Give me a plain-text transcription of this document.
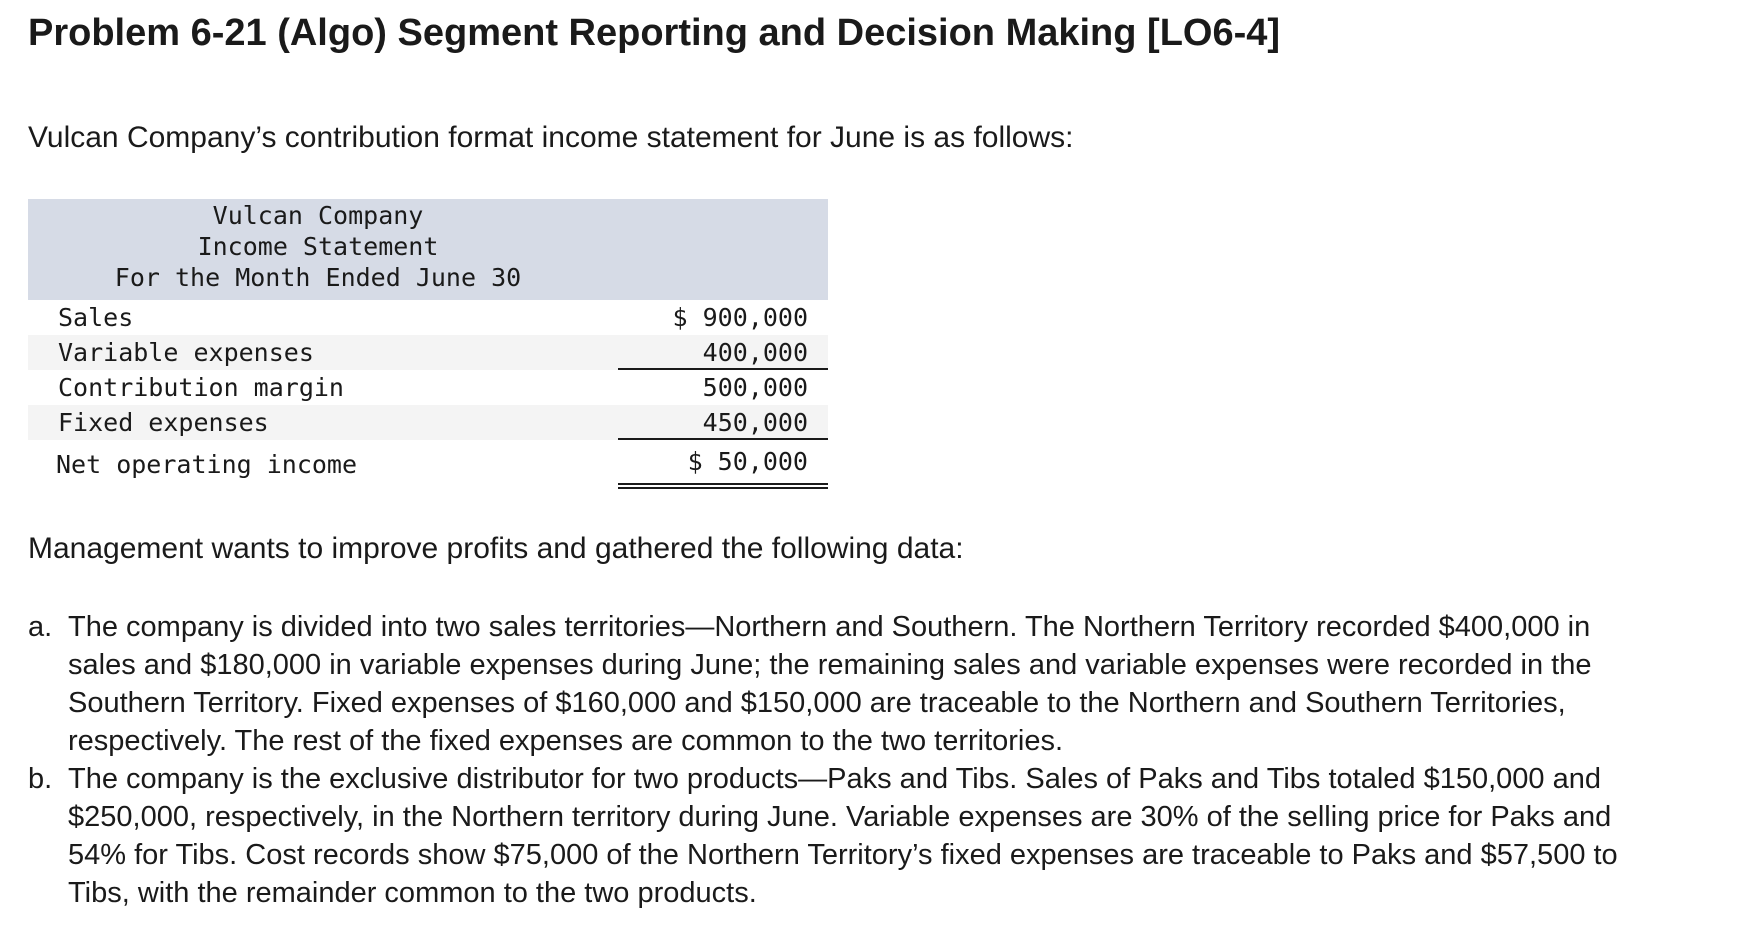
Problem 6-21 (Algo) Segment Reporting and Decision Making [LO6-4]

Vulcan Company’s contribution format income statement for June is as follows:

Vulcan Company
Income Statement
For the Month Ended June 30
Sales	$ 900,000
Variable expenses	400,000
Contribution margin	500,000
Fixed expenses	450,000
Net operating income	$ 50,000

Management wants to improve profits and gathered the following data:

a. The company is divided into two sales territories—Northern and Southern. The Northern Territory recorded $400,000 in
sales and $180,000 in variable expenses during June; the remaining sales and variable expenses were recorded in the
Southern Territory. Fixed expenses of $160,000 and $150,000 are traceable to the Northern and Southern Territories,
respectively. The rest of the fixed expenses are common to the two territories.
b. The company is the exclusive distributor for two products—Paks and Tibs. Sales of Paks and Tibs totaled $150,000 and
$250,000, respectively, in the Northern territory during June. Variable expenses are 30% of the selling price for Paks and
54% for Tibs. Cost records show $75,000 of the Northern Territory’s fixed expenses are traceable to Paks and $57,500 to
Tibs, with the remainder common to the two products.
